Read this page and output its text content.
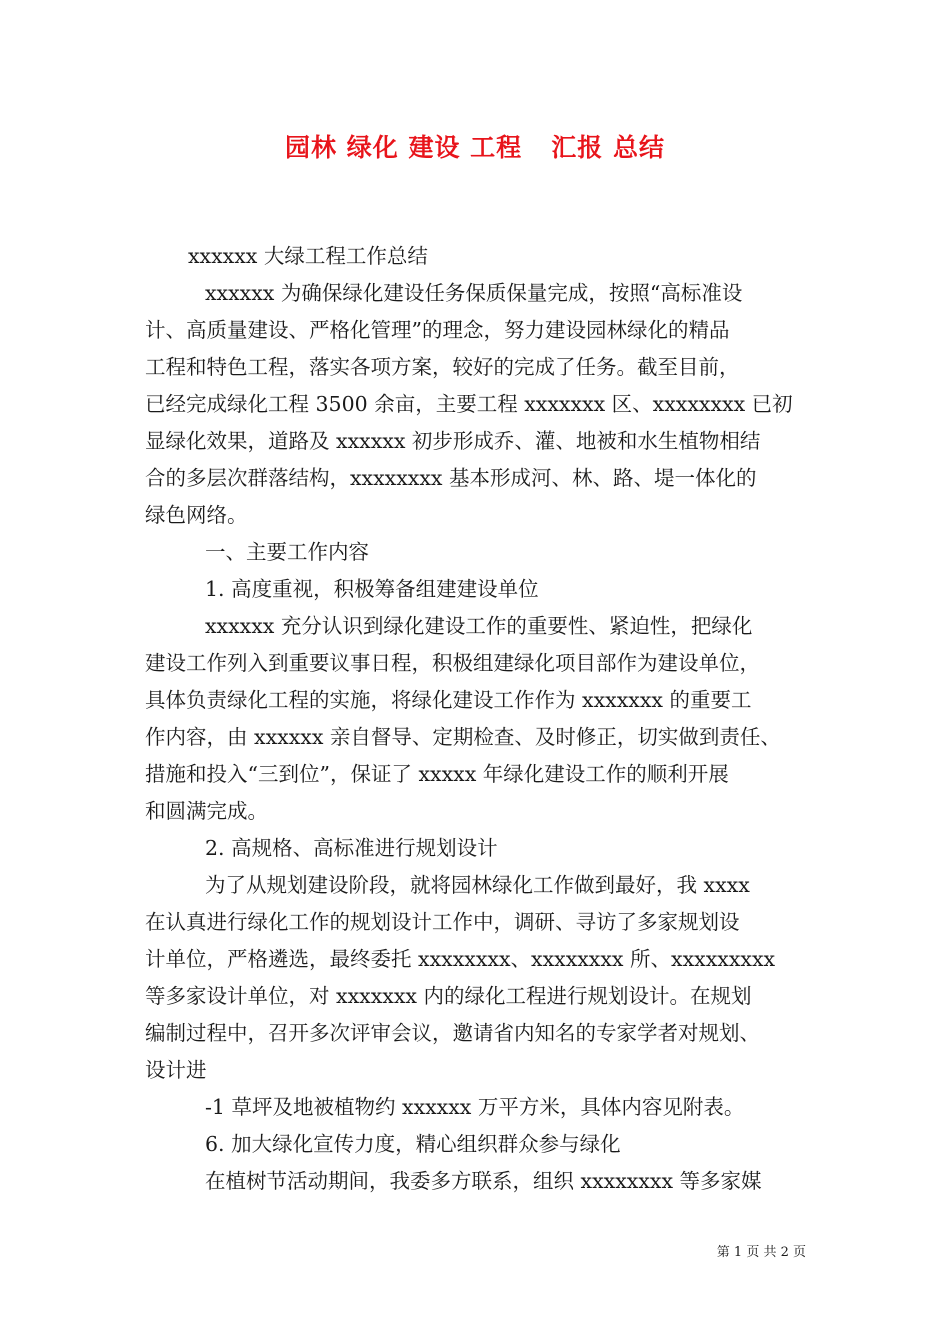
园林 绿化 建设 工程   汇报 总结
xxxxxx 大绿工程工作总结
xxxxxx 为确保绿化建设任务保质保量完成，按照“高标准设
计、高质量建设、严格化管理”的理念，努力建设园林绿化的精品
工程和特色工程，落实各项方案，较好的完成了任务。截至目前，
已经完成绿化工程 3500 余亩，主要工程 xxxxxxx 区、xxxxxxxx 已初
显绿化效果，道路及 xxxxxx 初步形成乔、灌、地被和水生植物相结
合的多层次群落结构，xxxxxxxx 基本形成河、林、路、堤一体化的
绿色网络。
一、主要工作内容
1. 高度重视，积极筹备组建建设单位
xxxxxx 充分认识到绿化建设工作的重要性、紧迫性，把绿化
建设工作列入到重要议事日程，积极组建绿化项目部作为建设单位，
具体负责绿化工程的实施，将绿化建设工作作为 xxxxxxx 的重要工
作内容，由 xxxxxx 亲自督导、定期检查、及时修正，切实做到责任、
措施和投入“三到位”，保证了 xxxxx 年绿化建设工作的顺利开展
和圆满完成。
2. 高规格、高标准进行规划设计
为了从规划建设阶段，就将园林绿化工作做到最好，我 xxxx
在认真进行绿化工作的规划设计工作中，调研、寻访了多家规划设
计单位，严格遴选，最终委托 xxxxxxxx、xxxxxxxx 所、xxxxxxxxx
等多家设计单位，对 xxxxxxx 内的绿化工程进行规划设计。在规划
编制过程中，召开多次评审会议，邀请省内知名的专家学者对规划、
设计进
-1 草坪及地被植物约 xxxxxx 万平方米，具体内容见附表。
6. 加大绿化宣传力度，精心组织群众参与绿化
在植树节活动期间，我委多方联系，组织 xxxxxxxx 等多家媒
第 1 页 共 2 页
